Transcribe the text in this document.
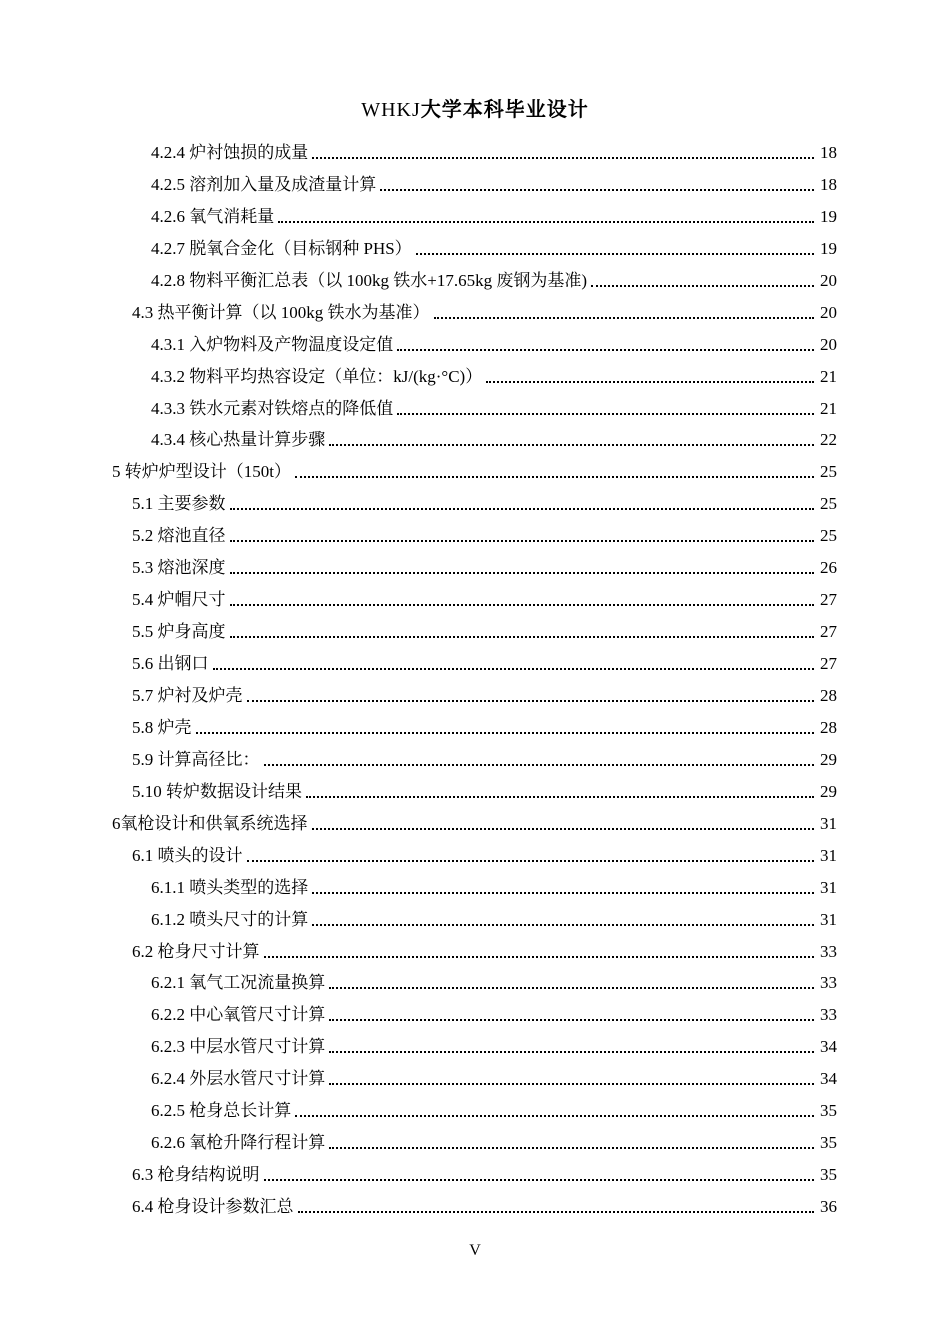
WHKJ大学本科毕业设计
4.2.4 炉衬蚀损的成量	18
4.2.5 溶剂加入量及成渣量计算	18
4.2.6 氧气消耗量	19
4.2.7 脱氧合金化（目标钢种 PHS）	19
4.2.8 物料平衡汇总表（以 100kg 铁水+17.65kg 废钢为基准)	20
4.3 热平衡计算（以 100kg 铁水为基准）	20
4.3.1 入炉物料及产物温度设定值	20
4.3.2 物料平均热容设定（单位：kJ/(kg·°C)）	21
4.3.3 铁水元素对铁熔点的降低值	21
4.3.4 核心热量计算步骤	22
5 转炉炉型设计（150t）	25
5.1 主要参数	25
5.2 熔池直径	25
5.3 熔池深度	26
5.4 炉帽尺寸	27
5.5 炉身高度	27
5.6 出钢口	27
5.7 炉衬及炉壳	28
5.8 炉壳	28
5.9 计算高径比：	29
5.10 转炉数据设计结果	29
6氧枪设计和供氧系统选择	31
6.1 喷头的设计	31
6.1.1 喷头类型的选择	31
6.1.2 喷头尺寸的计算	31
6.2 枪身尺寸计算	33
6.2.1 氧气工况流量换算	33
6.2.2 中心氧管尺寸计算	33
6.2.3 中层水管尺寸计算	34
6.2.4 外层水管尺寸计算	34
6.2.5 枪身总长计算	35
6.2.6 氧枪升降行程计算	35
6.3 枪身结构说明	35
6.4 枪身设计参数汇总	36
V
